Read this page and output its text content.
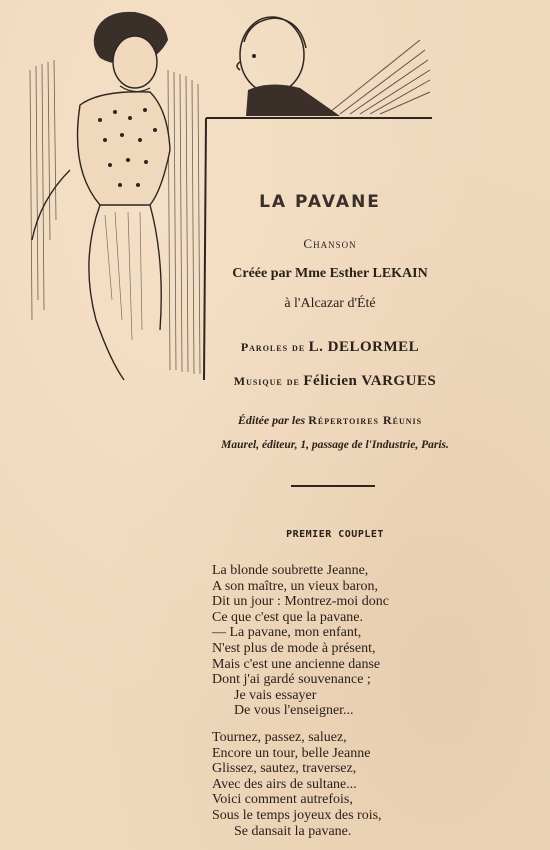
LA PAVANE
Chanson
Créée par Mme Esther LEKAIN
à l'Alcazar d'Été
Paroles de L. DELORMEL
Musique de Félicien VARGUES
Éditée par les Répertoires Réunis
Maurel, éditeur, 1, passage de l'Industrie, Paris.
PREMIER COUPLET
La blonde soubrette Jeanne,
A son maître, un vieux baron,
Dit un jour : Montrez-moi donc
Ce que c'est que la pavane.
— La pavane, mon enfant,
N'est plus de mode à présent,
Mais c'est une ancienne danse
Dont j'ai gardé souvenance ;
Je vais essayer
De vous l'enseigner...
Tournez, passez, saluez,
Encore un tour, belle Jeanne
Glissez, sautez, traversez,
Avec des airs de sultane...
Voici comment autrefois,
Sous le temps joyeux des rois,
Se dansait la pavane.
